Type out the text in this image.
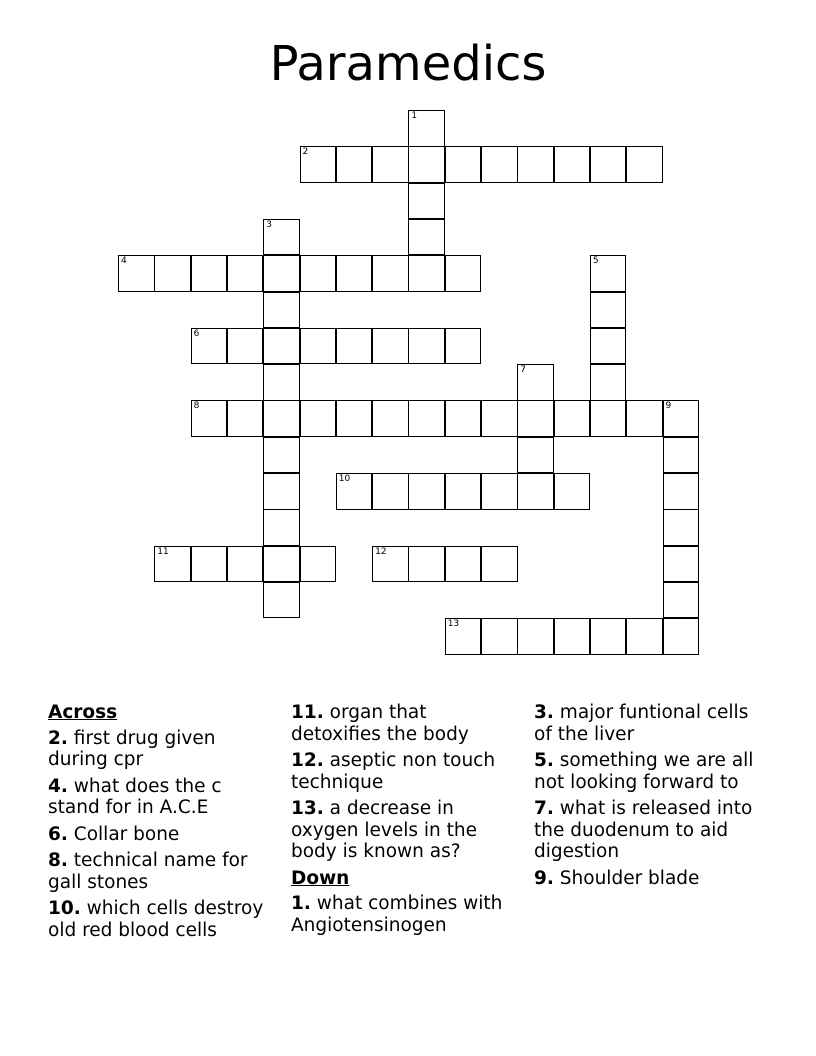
Paramedics
1
2
3
4	5
6
7
8	9
10
11	12
13
Across
2. first drug given during cpr
4. what does the c stand for in A.C.E
6. Collar bone
8. technical name for gall stones
10. which cells destroy old red blood cells
11. organ that detoxifies the body
12. aseptic non touch technique
13. a decrease in oxygen levels in the body is known as?
Down
1. what combines with Angiotensinogen
3. major funtional cells of the liver
5. something we are all not looking forward to
7. what is released into the duodenum to aid digestion
9. Shoulder blade
